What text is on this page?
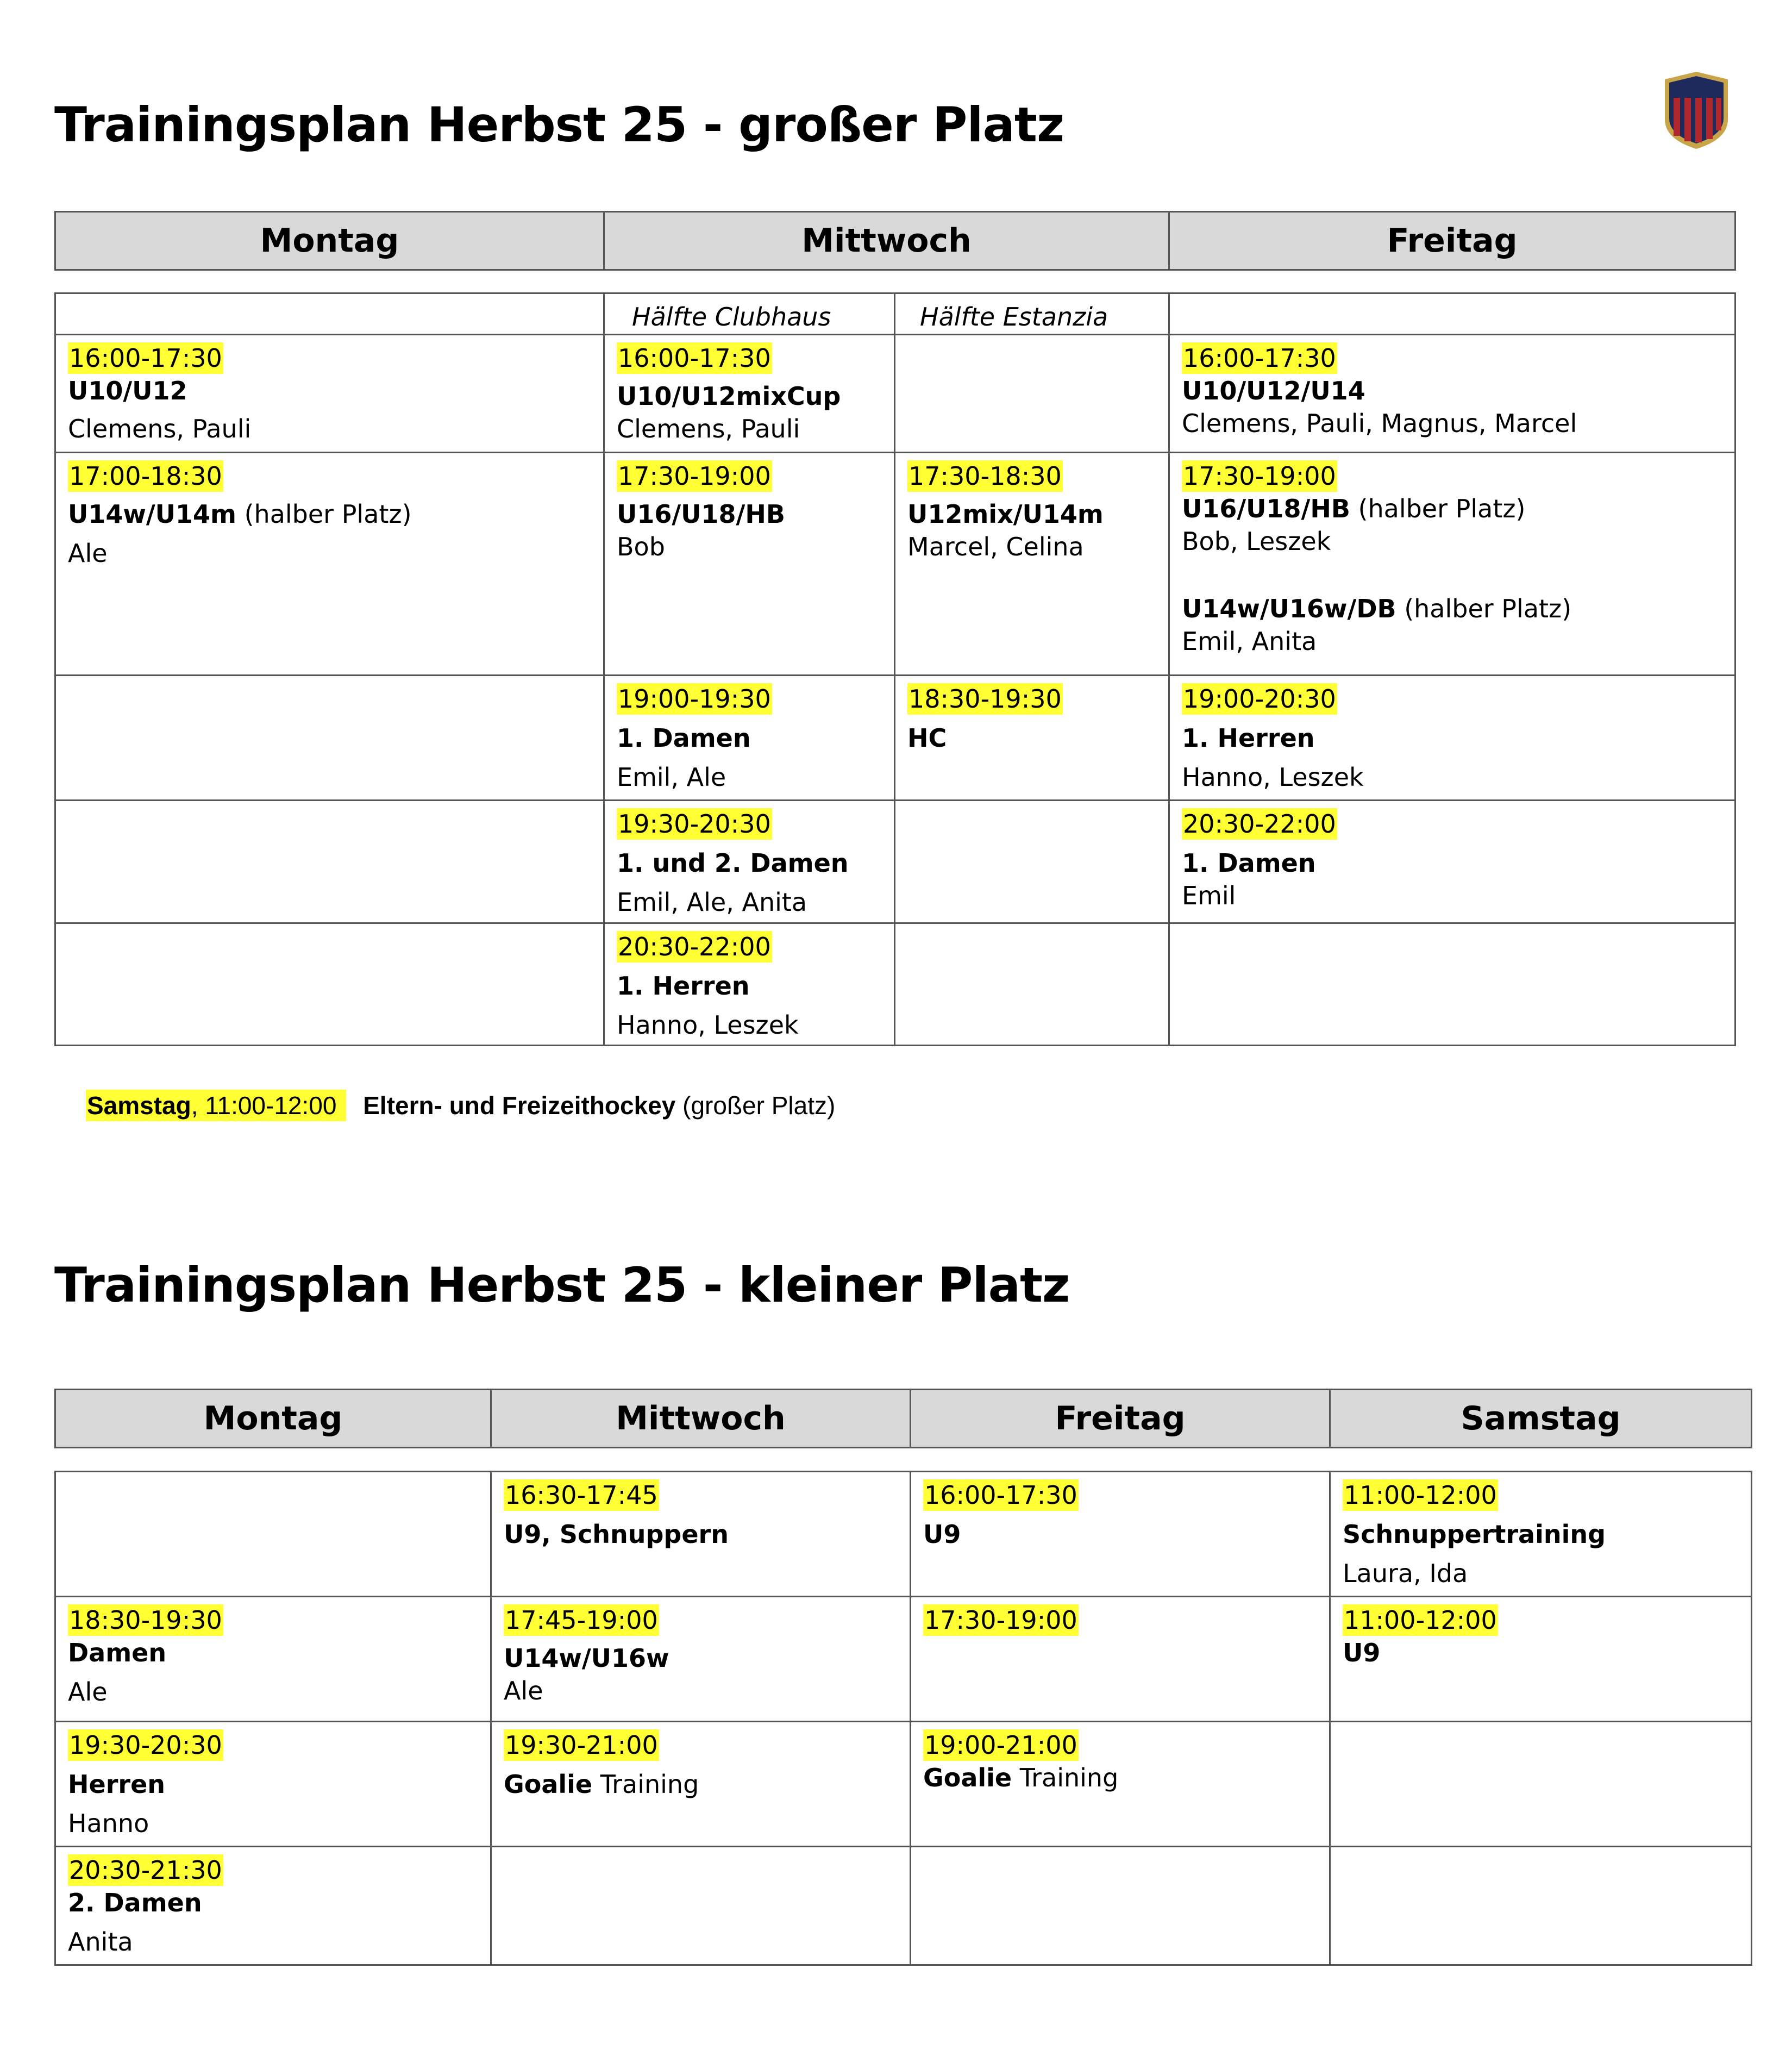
Trainingsplan Herbst 25 - großer Platz
Montag	Mittwoch	Freitag
	Hälfte Clubhaus	Hälfte Estanzia	
16:00-17:30
U10/U12
Clemens, Pauli	16:00-17:30
U10/U12mixCup
Clemens, Pauli		16:00-17:30
U10/U12/U14
Clemens, Pauli, Magnus, Marcel

17:00-18:30
U14w/U14m (halber Platz)
Ale	17:30-19:00
U16/U18/HB
Bob	17:30-18:30
U12mix/U14m
Marcel, Celina	17:30-19:00
U16/U18/HB (halber Platz)
Bob, Leszek
U14w/U16w/DB (halber Platz)
Emil, Anita

	19:00-19:30
1. Damen
Emil, Ale	18:30-19:30
HC	19:00-20:30
1. Herren
Hanno, Leszek

	19:30-20:30
1. und 2. Damen
Emil, Ale, Anita		20:30-22:00
1. Damen
Emil

	20:30-22:00
1. Herren
Hanno, Leszek		

Samstag, 11:00-12:00 Eltern- und Freizeithockey (großer Platz)
Trainingsplan Herbst 25 - kleiner Platz
Montag	Mittwoch	Freitag	Samstag
	16:30-17:45
U9, Schnuppern	16:00-17:30
U9	11:00-12:00
Schnuppertraining
Laura, Ida

18:30-19:30
Damen
Ale	17:45-19:00
U14w/U16w
Ale	17:30-19:00	11:00-12:00
U9

19:30-20:30
Herren
Hanno	19:30-21:00
Goalie Training	19:00-21:00
Goalie Training	

20:30-21:30
2. Damen
Anita			
